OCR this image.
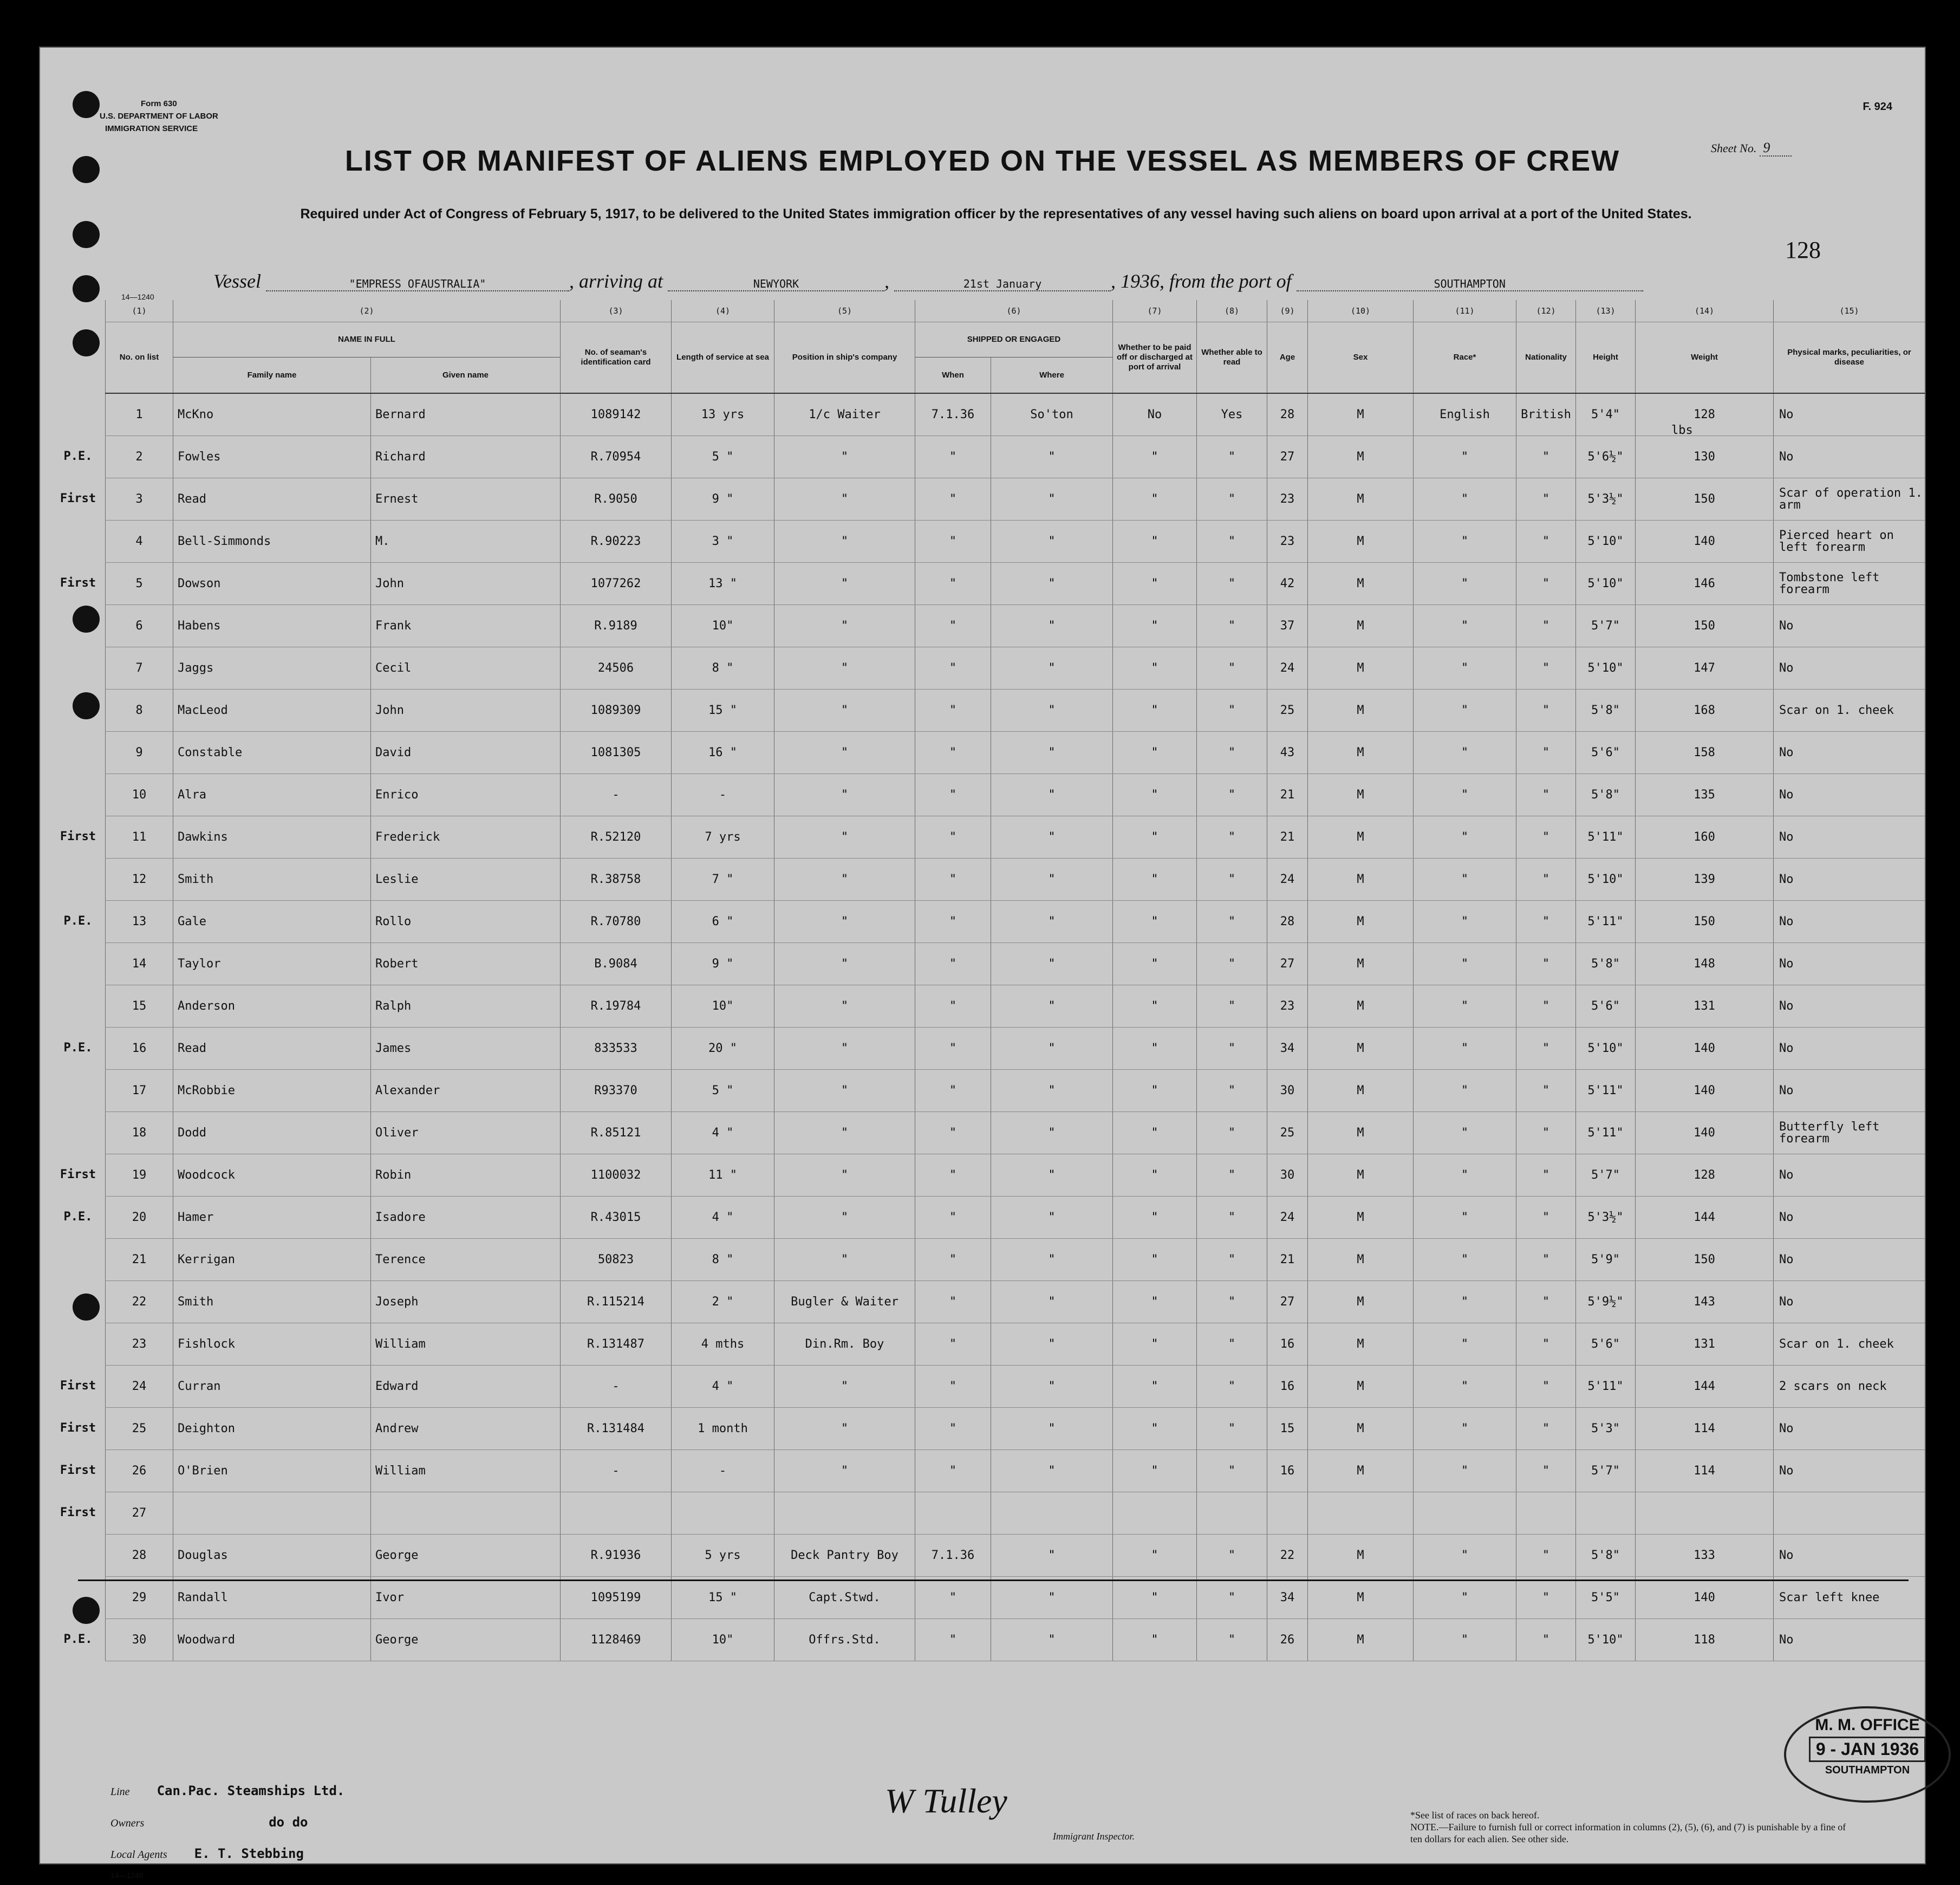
Form 630
U.S. DEPARTMENT OF LABOR
IMMIGRATION SERVICE
F. 924
Sheet No. 9
LIST OR MANIFEST OF ALIENS EMPLOYED ON THE VESSEL AS MEMBERS OF CREW
Required under Act of Congress of February 5, 1917, to be delivered to the United States immigration officer by the representatives of any vessel having such aliens on board upon arrival at a port of the United States.
128
14—1240
Vessel	"EMPRESS OFAUSTRALIA"	, arriving at	NEWYORK	,	21st January	, 1936, from the port of	SOUTHAMPTON
(1)	(2)		(3)	(4)	(5)	(6)		(7)	(8)	(9)	(10)	(11)	(12)	(13)	(14)	(15)
No. on list	NAME IN FULL		No. of seaman's identification card	Length of service at sea	Position in ship's company	SHIPPED OR ENGAGED		Whether to be paid off or discharged at port of arrival	Whether able to read	Age	Sex	Race*	Nationality	Height	Weight	Physical marks, peculiarities, or disease
	Family name	Given name				When	Where									
1	McKno	Bernard	1089142	13 yrs	1/c Waiter	7.1.36	So'ton	No	Yes	28	M	English	British	5'4"	128	No
2	Fowles	Richard	R.70954	5 "	"	"	"	"	"	27	M	"	"	5'6½"	130	No
3	Read	Ernest	R.9050	9 "	"	"	"	"	"	23	M	"	"	5'3½"	150	Scar of operation 1. arm
4	Bell-Simmonds	M.	R.90223	3 "	"	"	"	"	"	23	M	"	"	5'10"	140	Pierced heart on left forearm
5	Dowson	John	1077262	13 "	"	"	"	"	"	42	M	"	"	5'10"	146	Tombstone left forearm
6	Habens	Frank	R.9189	10"	"	"	"	"	"	37	M	"	"	5'7"	150	No
7	Jaggs	Cecil	24506	8 "	"	"	"	"	"	24	M	"	"	5'10"	147	No
8	MacLeod	John	1089309	15 "	"	"	"	"	"	25	M	"	"	5'8"	168	Scar on 1. cheek
9	Constable	David	1081305	16 "	"	"	"	"	"	43	M	"	"	5'6"	158	No
10	Alra	Enrico	-	-	"	"	"	"	"	21	M	"	"	5'8"	135	No
11	Dawkins	Frederick	R.52120	7 yrs	"	"	"	"	"	21	M	"	"	5'11"	160	No
12	Smith	Leslie	R.38758	7 "	"	"	"	"	"	24	M	"	"	5'10"	139	No
13	Gale	Rollo	R.70780	6 "	"	"	"	"	"	28	M	"	"	5'11"	150	No
14	Taylor	Robert	B.9084	9 "	"	"	"	"	"	27	M	"	"	5'8"	148	No
15	Anderson	Ralph	R.19784	10"	"	"	"	"	"	23	M	"	"	5'6"	131	No
16	Read	James	833533	20 "	"	"	"	"	"	34	M	"	"	5'10"	140	No
17	McRobbie	Alexander	R93370	5 "	"	"	"	"	"	30	M	"	"	5'11"	140	No
18	Dodd	Oliver	R.85121	4 "	"	"	"	"	"	25	M	"	"	5'11"	140	Butterfly left forearm
19	Woodcock	Robin	1100032	11 "	"	"	"	"	"	30	M	"	"	5'7"	128	No
20	Hamer	Isadore	R.43015	4 "	"	"	"	"	"	24	M	"	"	5'3½"	144	No
21	Kerrigan	Terence	50823	8 "	"	"	"	"	"	21	M	"	"	5'9"	150	No
22	Smith	Joseph	R.115214	2 "	Bugler & Waiter	"	"	"	"	27	M	"	"	5'9½"	143	No
23	Fishlock	William	R.131487	4 mths	Din.Rm. Boy	"	"	"	"	16	M	"	"	5'6"	131	Scar on 1. cheek
24	Curran	Edward	-	4 "	"	"	"	"	"	16	M	"	"	5'11"	144	2 scars on neck
25	Deighton	Andrew	R.131484	1 month	"	"	"	"	"	15	M	"	"	5'3"	114	No
26	O'Brien	William	-	-	"	"	"	"	"	16	M	"	"	5'7"	114	No
27																
28	Douglas	George	R.91936	5 yrs	Deck Pantry Boy	7.1.36	"	"	"	22	M	"	"	5'8"	133	No
29	Randall	Ivor	1095199	15 "	Capt.Stwd.	"	"	"	"	34	M	"	"	5'5"	140	Scar left knee
30	Woodward	George	1128469	10"	Offrs.Std.	"	"	"	"	26	M	"	"	5'10"	118	No
lbs
M. M. OFFICE
9 - JAN 1936
SOUTHAMPTON
Line Can.Pac. Steamships Ltd.
Owners	do do
Local Agents E. T. Stebbing
14—1240
W Tulley
Immigrant Inspector.
*See list of races on back hereof.
NOTE.—Failure to furnish full or correct information in columns (2), (5), (6), and (7) is punishable by a fine of ten dollars for each alien. See other side.
P.E.
First
First
First
P.E.
P.E.
First
P.E.
First
First
First
First
P.E.
